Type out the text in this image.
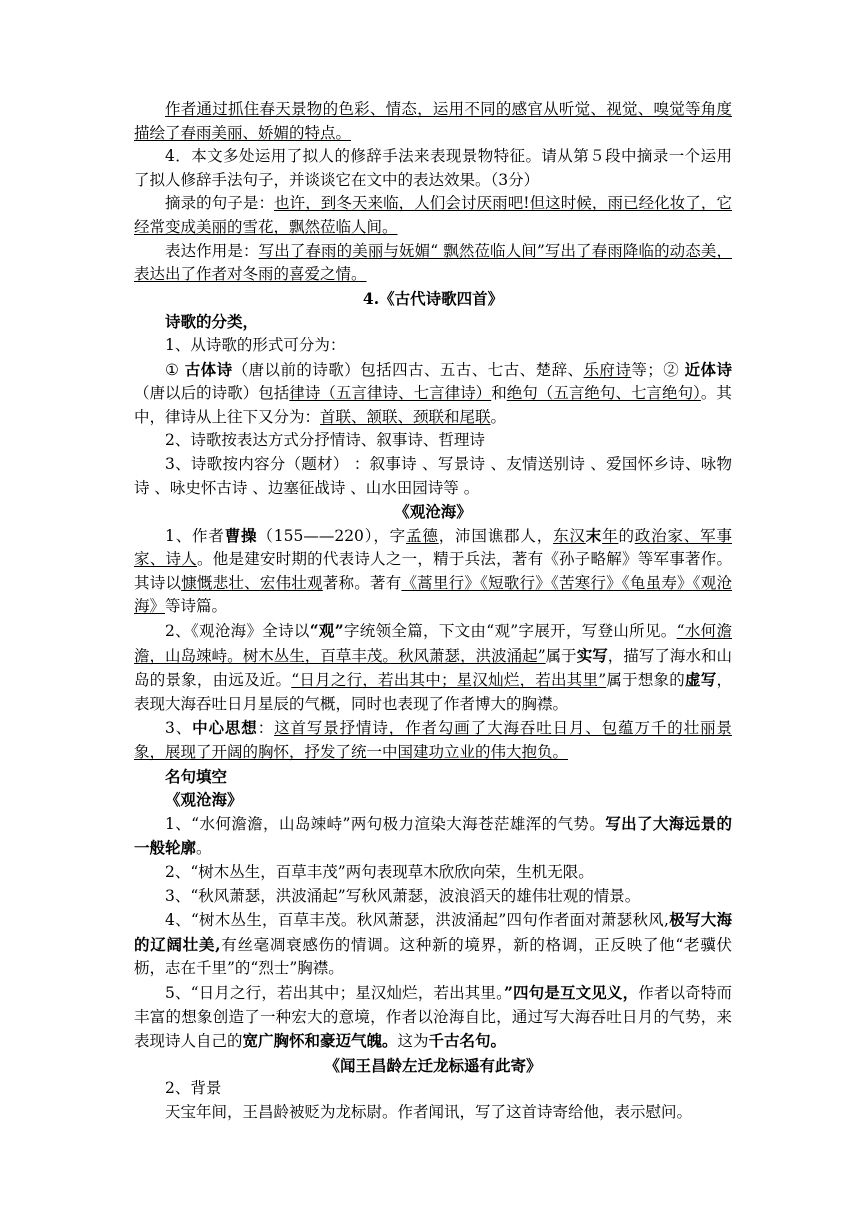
作者通过抓住春天景物的色彩、情态，运用不同的感官从听觉、视觉、嗅觉等角度描绘了春雨美丽、娇媚的特点。

4．本文多处运用了拟人的修辞手法来表现景物特征。请从第５段中摘录一个运用了拟人修辞手法句子，并谈谈它在文中的表达效果。（3分）

摘录的句子是：也许，到冬天来临，人们会讨厌雨吧!但这时候，雨已经化妆了，它经常变成美丽的雪花，飘然莅临人间。

表达作用是：写出了春雨的美丽与妩媚“ 飘然莅临人间”写出了春雨降临的动态美，表达出了作者对冬雨的喜爱之情。

4.《古代诗歌四首》

诗歌的分类，

1、从诗歌的形式可分为：

① 古体诗（唐以前的诗歌）包括四古、五古、七古、楚辞、乐府诗等；② 近体诗（唐以后的诗歌）包括律诗（五言律诗、七言律诗）和绝句（五言绝句、七言绝句）。其中，律诗从上往下又分为：首联、颔联、颈联和尾联。

2、诗歌按表达方式分抒情诗、叙事诗、哲理诗

3、诗歌按内容分（题材） ：叙事诗 、写景诗 、友情送别诗 、爱国怀乡诗、咏物诗 、咏史怀古诗 、边塞征战诗 、山水田园诗等 。

《观沧海》

1、作者曹操（155——220），字孟德，沛国谯郡人，东汉末年的政治家、军事家、诗人。他是建安时期的代表诗人之一，精于兵法，著有《孙子略解》等军事著作。其诗以慷慨悲壮、宏伟壮观著称。著有《蒿里行》《短歌行》《苦寒行》《龟虽寿》《观沧海》等诗篇。

2、《观沧海》全诗以“观”字统领全篇，下文由“观”字展开，写登山所见。“水何澹澹，山岛竦峙。树木丛生，百草丰茂。秋风萧瑟，洪波涌起”属于实写，描写了海水和山岛的景象，由远及近。“日月之行，若出其中；星汉灿烂，若出其里”属于想象的虚写，表现大海吞吐日月星辰的气概，同时也表现了作者博大的胸襟。

3、中心思想：这首写景抒情诗，作者勾画了大海吞吐日月、包蕴万千的壮丽景象，展现了开阔的胸怀，抒发了统一中国建功立业的伟大抱负。

名句填空

《观沧海》

1、“水何澹澹，山岛竦峙”两句极力渲染大海苍茫雄浑的气势。写出了大海远景的一般轮廓。

2、“树木丛生，百草丰茂”两句表现草木欣欣向荣，生机无限。

3、“秋风萧瑟，洪波涌起”写秋风萧瑟，波浪滔天的雄伟壮观的情景。

4、“树木丛生，百草丰茂。秋风萧瑟，洪波涌起”四句作者面对萧瑟秋风,极写大海的辽阔壮美,有丝毫凋衰感伤的情调。这种新的境界，新的格调，正反映了他“老骥伏枥，志在千里”的“烈士”胸襟。

5、“日月之行，若出其中；星汉灿烂，若出其里。”四句是互文见义，作者以奇特而丰富的想象创造了一种宏大的意境，作者以沧海自比，通过写大海吞吐日月的气势，来表现诗人自己的宽广胸怀和豪迈气魄。这为千古名句。

《闻王昌龄左迁龙标遥有此寄》

2、背景

天宝年间，王昌龄被贬为龙标尉。作者闻讯，写了这首诗寄给他，表示慰问。
